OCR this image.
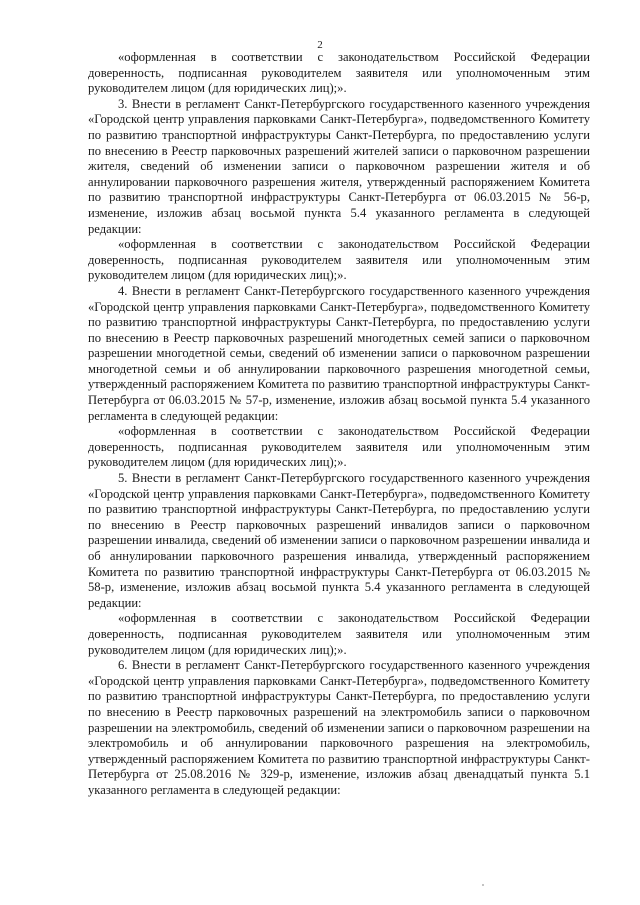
2

«оформленная в соответствии с законодательством Российской Федерации доверенность, подписанная руководителем заявителя или уполномоченным этим руководителем лицом (для юридических лиц);».

3. Внести в регламент Санкт-Петербургского государственного казенного учреждения «Городской центр управления парковками Санкт-Петербурга», подведомственного Комитету по развитию транспортной инфраструктуры Санкт-Петербурга, по предоставлению услуги по внесению в Реестр парковочных разрешений жителей записи о парковочном разрешении жителя, сведений об изменении записи о парковочном разрешении жителя и об аннулировании парковочного разрешения жителя, утвержденный распоряжением Комитета по развитию транспортной инфраструктуры Санкт-Петербурга от 06.03.2015 № 56-р, изменение, изложив абзац восьмой пункта 5.4 указанного регламента в следующей редакции:

«оформленная в соответствии с законодательством Российской Федерации доверенность, подписанная руководителем заявителя или уполномоченным этим руководителем лицом (для юридических лиц);».

4. Внести в регламент Санкт-Петербургского государственного казенного учреждения «Городской центр управления парковками Санкт-Петербурга», подведомственного Комитету по развитию транспортной инфраструктуры Санкт-Петербурга, по предоставлению услуги по внесению в Реестр парковочных разрешений многодетных семей записи о парковочном разрешении многодетной семьи, сведений об изменении записи о парковочном разрешении многодетной семьи и об аннулировании парковочного разрешения многодетной семьи, утвержденный распоряжением Комитета по развитию транспортной инфраструктуры Санкт-Петербурга от 06.03.2015 № 57-р, изменение, изложив абзац восьмой пункта 5.4 указанного регламента в следующей редакции:

«оформленная в соответствии с законодательством Российской Федерации доверенность, подписанная руководителем заявителя или уполномоченным этим руководителем лицом (для юридических лиц);».

5. Внести в регламент Санкт-Петербургского государственного казенного учреждения «Городской центр управления парковками Санкт-Петербурга», подведомственного Комитету по развитию транспортной инфраструктуры Санкт-Петербурга, по предоставлению услуги по внесению в Реестр парковочных разрешений инвалидов записи о парковочном разрешении инвалида, сведений об изменении записи о парковочном разрешении инвалида и об аннулировании парковочного разрешения инвалида, утвержденный распоряжением Комитета по развитию транспортной инфраструктуры Санкт-Петербурга от 06.03.2015 № 58-р, изменение, изложив абзац восьмой пункта 5.4 указанного регламента в следующей редакции:

«оформленная в соответствии с законодательством Российской Федерации доверенность, подписанная руководителем заявителя или уполномоченным этим руководителем лицом (для юридических лиц);».

6. Внести в регламент Санкт-Петербургского государственного казенного учреждения «Городской центр управления парковками Санкт-Петербурга», подведомственного Комитету по развитию транспортной инфраструктуры Санкт-Петербурга, по предоставлению услуги по внесению в Реестр парковочных разрешений на электромобиль записи о парковочном разрешении на электромобиль, сведений об изменении записи о парковочном разрешении на электромобиль и об аннулировании парковочного разрешения на электромобиль, утвержденный распоряжением Комитета по развитию транспортной инфраструктуры Санкт-Петербурга от 25.08.2016 № 329-р, изменение, изложив абзац двенадцатый пункта 5.1 указанного регламента в следующей редакции:
